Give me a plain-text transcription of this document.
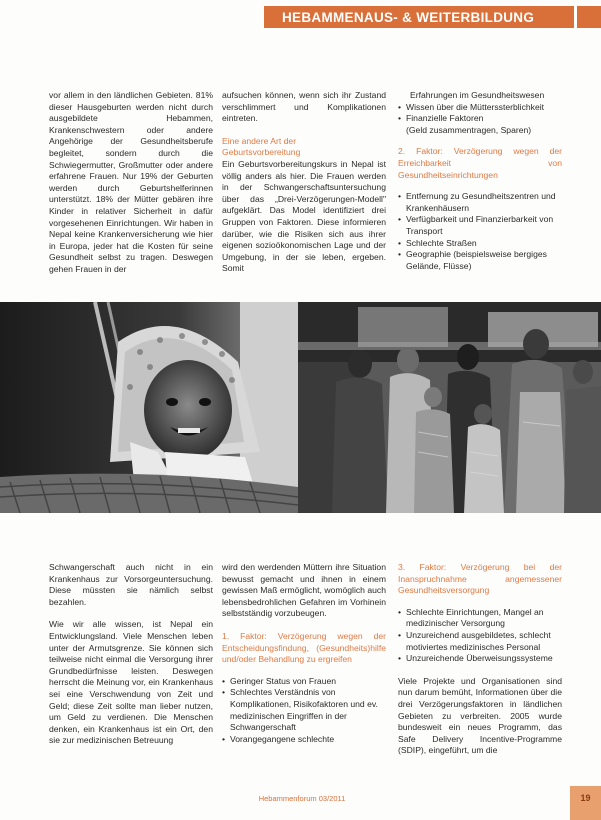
HEBAMMENAUS- & WEITERBILDUNG

vor allem in den ländlichen Gebieten. 81% dieser Hausgeburten werden nicht durch ausgebildete Hebammen, Krankenschwestern oder andere Angehörige der Gesundheitsberufe begleitet, sondern durch die Schwiegermutter, Großmutter oder andere erfahrene Frauen. Nur 19% der Geburten werden durch Geburtshelferinnen unterstützt. 18% der Mütter gebären ihre Kinder in relativer Sicherheit in dafür vorgesehenen Einrichtungen. Wir haben in Nepal keine Krankenversicherung wie hier in Europa, jeder hat die Kosten für seine Gesundheit selbst zu tragen. Deswegen gehen Frauen in der

aufsuchen können, wenn sich ihr Zustand verschlimmert und Komplikationen eintreten.

Eine andere Art der Geburtsvorbereitung

Ein Geburtsvorbereitungskurs in Nepal ist völlig anders als hier. Die Frauen werden in der Schwangerschaftsuntersuchung über das „Drei-Verzögerungen-Modell" aufgeklärt. Das Model identifiziert drei Gruppen von Faktoren. Diese informieren darüber, wie die Risiken sich aus ihrer eigenen sozioökonomischen Lage und der Umgebung, in der sie leben, ergeben. Somit

Erfahrungen im Gesundheitswesen
• Wissen über die Mütterssterblichkeit
• Finanzielle Faktoren
(Geld zusammentragen, Sparen)

2. Faktor: Verzögerung wegen der Erreichbarkeit von Gesundheitseinrichtungen

• Entfernung zu Gesundheitszentren und Krankenhäusern
• Verfügbarkeit und Finanzierbarkeit von Transport
• Schlechte Straßen
• Geographie (beispielsweise bergiges Gelände, Flüsse)

Schwangerschaft auch nicht in ein Krankenhaus zur Vorsorgeuntersuchung. Diese müssten sie nämlich selbst bezahlen.

Wie wir alle wissen, ist Nepal ein Entwicklungsland. Viele Menschen leben unter der Armutsgrenze. Sie können sich teilweise nicht einmal die Versorgung ihrer Grundbedürfnisse leisten. Deswegen herrscht die Meinung vor, ein Krankenhaus sei eine Verschwendung von Zeit und Geld; diese Zeit sollte man lieber nutzen, um Geld zu verdienen. Die Menschen denken, ein Krankenhaus ist ein Ort, den sie zur medizinischen Betreuung

wird den werdenden Müttern ihre Situation bewusst gemacht und ihnen in einem gewissen Maß ermöglicht, womöglich auch lebensbedrohlichen Gefahren im Vorhinein selbstständig vorzubeugen.

1. Faktor: Verzögerung wegen der Entscheidungsfindung, (Gesundheits)hilfe und/oder Behandlung zu ergreifen

• Geringer Status von Frauen
• Schlechtes Verständnis von Komplikationen, Risikofaktoren und ev. medizinischen Eingriffen in der Schwangerschaft
• Vorangegangene schlechte

3. Faktor: Verzögerung bei der Inanspruchnahme angemessener Gesundheitsversorgung

• Schlechte Einrichtungen, Mangel an medizinischer Versorgung
• Unzureichend ausgebildetes, schlecht motiviertes medizinisches Personal
• Unzureichende Überweisungssysteme

Viele Projekte und Organisationen sind nun darum bemüht, Informationen über die drei Verzögerungsfaktoren in ländlichen Gebieten zu verbreiten. 2005 wurde bundesweit ein neues Programm, das Safe Delivery Incentive-Programme (SDIP), eingeführt, um die

Hebammenforum 03/2011	19
